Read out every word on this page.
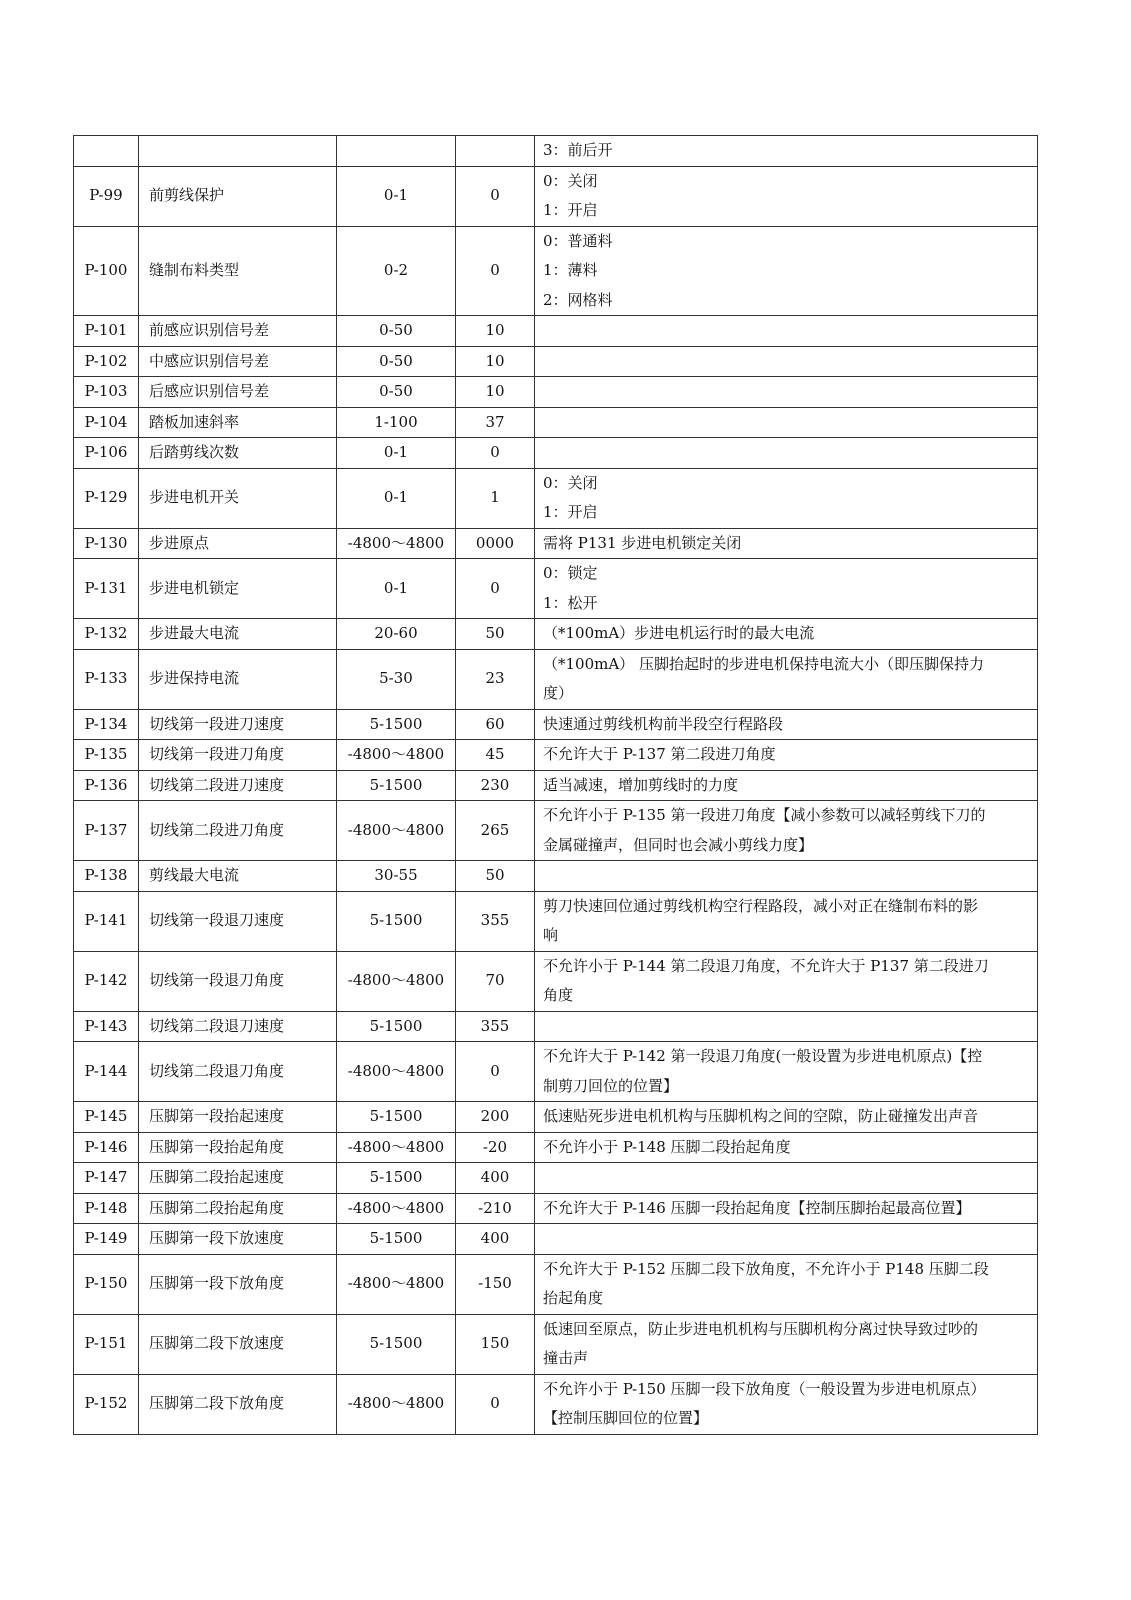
				3：前后开

P-99	前剪线保护	0-1	0	0：关闭
1：开启

P-100	缝制布料类型	0-2	0	0：普通料
1：薄料
2：网格料

P-101	前感应识别信号差	0-50	10	
P-102	中感应识别信号差	0-50	10	
P-103	后感应识别信号差	0-50	10	
P-104	踏板加速斜率	1-100	37	
P-106	后踏剪线次数	0-1	0	
P-129	步进电机开关	0-1	1	0：关闭
1：开启

P-130	步进原点	-4800～4800	0000	需将 P131 步进电机锁定关闭

P-131	步进电机锁定	0-1	0	0：锁定
1：松开

P-132	步进最大电流	20-60	50	（*100mA）步进电机运行时的最大电流

P-133	步进保持电流	5-30	23	（*100mA） 压脚抬起时的步进电机保持电流大小（即压脚保持力
度）

P-134	切线第一段进刀速度	5-1500	60	快速通过剪线机构前半段空行程路段

P-135	切线第一段进刀角度	-4800～4800	45	不允许大于 P-137 第二段进刀角度

P-136	切线第二段进刀速度	5-1500	230	适当减速，增加剪线时的力度

P-137	切线第二段进刀角度	-4800～4800	265	不允许小于 P-135 第一段进刀角度【减小参数可以减轻剪线下刀的
金属碰撞声，但同时也会减小剪线力度】

P-138	剪线最大电流	30-55	50	
P-141	切线第一段退刀速度	5-1500	355	剪刀快速回位通过剪线机构空行程路段，减小对正在缝制布料的影
响

P-142	切线第一段退刀角度	-4800～4800	70	不允许小于 P-144 第二段退刀角度，不允许大于 P137 第二段进刀
角度

P-143	切线第二段退刀速度	5-1500	355	
P-144	切线第二段退刀角度	-4800～4800	0	不允许大于 P-142 第一段退刀角度(一般设置为步进电机原点)【控
制剪刀回位的位置】

P-145	压脚第一段抬起速度	5-1500	200	低速贴死步进电机机构与压脚机构之间的空隙，防止碰撞发出声音

P-146	压脚第一段抬起角度	-4800～4800	-20	不允许小于 P-148 压脚二段抬起角度

P-147	压脚第二段抬起速度	5-1500	400	
P-148	压脚第二段抬起角度	-4800～4800	-210	不允许大于 P-146 压脚一段抬起角度【控制压脚抬起最高位置】

P-149	压脚第一段下放速度	5-1500	400	
P-150	压脚第一段下放角度	-4800～4800	-150	不允许大于 P-152 压脚二段下放角度，不允许小于 P148 压脚二段
抬起角度

P-151	压脚第二段下放速度	5-1500	150	低速回至原点，防止步进电机机构与压脚机构分离过快导致过吵的
撞击声

P-152	压脚第二段下放角度	-4800～4800	0	不允许小于 P-150 压脚一段下放角度（一般设置为步进电机原点）
【控制压脚回位的位置】
